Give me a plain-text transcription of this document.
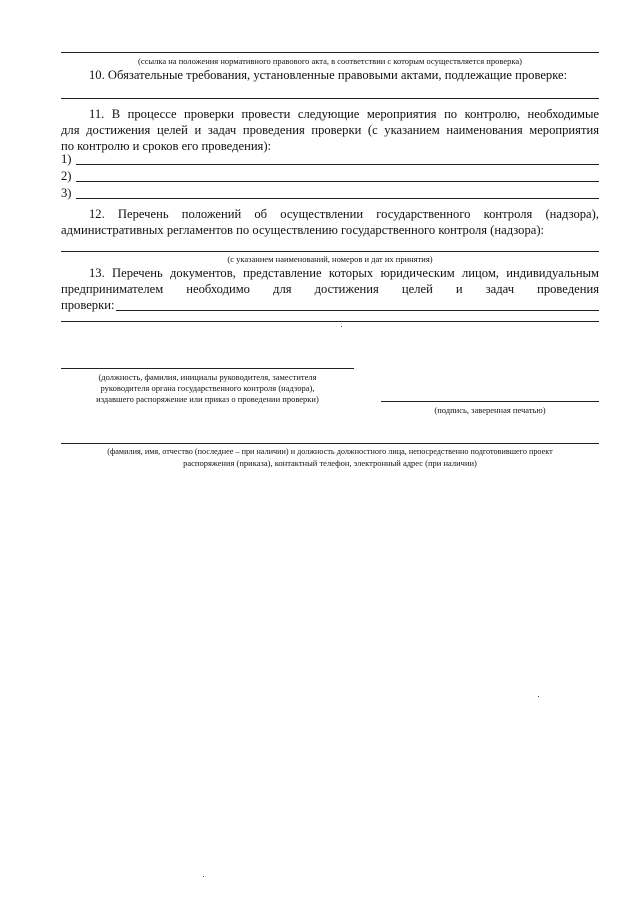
(ссылка на положения нормативного правового акта, в соответствии с которым осуществляется проверка)
10. Обязательные требования, установленные правовыми актами, подлежащие проверке:
11. В процессе проверки провести следующие мероприятия по контролю, необходимые
для достижения целей и задач проведения проверки (с указанием наименования мероприятия
по контролю и сроков его проведения):
1)
2)
3)
12. Перечень положений об осуществлении государственного контроля (надзора),
административных регламентов по осуществлению государственного контроля (надзора):
(с указанием наименований, номеров и дат их принятия)
13. Перечень документов, представление которых юридическим лицом, индивидуальным
предпринимателем необходимо для достижения целей и задач проведения
проверки:
(должность, фамилия, инициалы руководителя, заместителя
руководителя органа государственного контроля (надзора),
издавшего распоряжение или приказ о проведении проверки)
(подпись, заверенная печатью)
(фамилия, имя, отчество (последнее – при наличии) и должность должностного лица, непосредственно подготовившего проект
распоряжения (приказа), контактный телефон, электронный адрес (при наличии)
